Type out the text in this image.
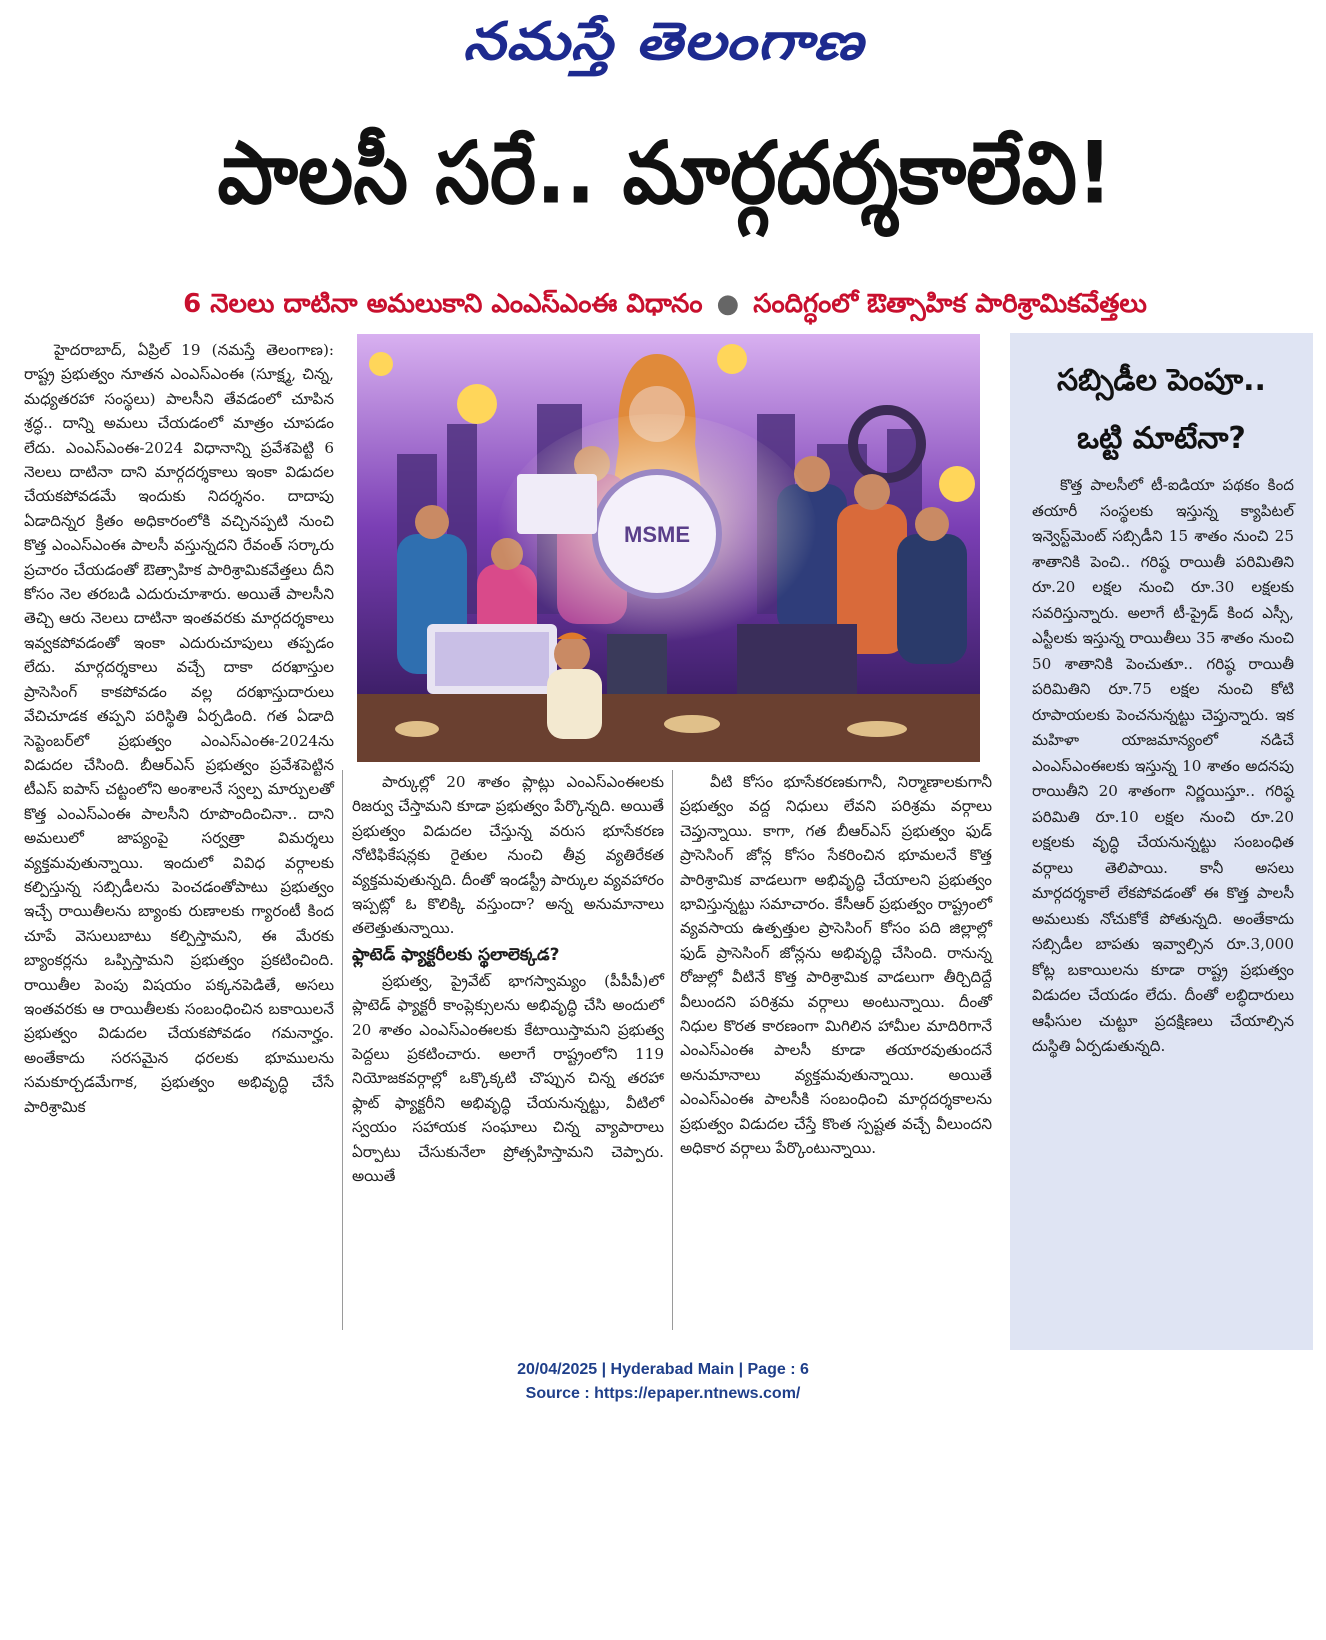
నమస్తే తెలంగాణ
పాలసీ సరే.. మార్గదర్శకాలేవి!
6 నెలలు దాటినా అమలుకాని ఎంఎస్ఎంఈ విధానం ● సందిగ్ధంలో ఔత్సాహిక పారిశ్రామికవేత్తలు

హైదరాబాద్, ఏప్రిల్ 19 (నమస్తే తెలంగాణ): రాష్ట్ర ప్రభుత్వం నూతన ఎంఎస్ఎంఈ (సూక్ష్మ, చిన్న, మధ్యతరహా సంస్థలు) పాలసీని తేవడంలో చూపిన శ్రద్ధ.. దాన్ని అమలు చేయడంలో మాత్రం చూపడం లేదు. ఎంఎస్ఎంఈ-2024 విధానాన్ని ప్రవేశపెట్టి 6 నెలలు దాటినా దాని మార్గదర్శకాలు ఇంకా విడుదల చేయకపోవడమే ఇందుకు నిదర్శనం. దాదాపు ఏడాదిన్నర క్రితం అధికారంలోకి వచ్చినప్పటి నుంచి కొత్త ఎంఎస్ఎంఈ పాలసీ వస్తున్నదని రేవంత్ సర్కారు ప్రచారం చేయడంతో ఔత్సాహిక పారిశ్రామికవేత్తలు దీని కోసం నెల తరబడి ఎదురుచూశారు. అయితే పాలసీని తెచ్చి ఆరు నెలలు దాటినా ఇంతవరకు మార్గదర్శకాలు ఇవ్వకపోవడంతో ఇంకా ఎదురుచూపులు తప్పడం లేదు. మార్గదర్శకాలు వచ్చే దాకా దరఖాస్తుల ప్రాసెసింగ్ కాకపోవడం వల్ల దరఖాస్తుదారులు వేచిచూడక తప్పని పరిస్థితి ఏర్పడింది. గత ఏడాది సెప్టెంబర్‌లో ప్రభుత్వం ఎంఎస్ఎంఈ-2024ను విడుదల చేసింది. బీఆర్ఎస్ ప్రభుత్వం ప్రవేశపెట్టిన టీఎస్ ఐపాస్ చట్టంలోని అంశాలనే స్వల్ప మార్పులతో కొత్త ఎంఎస్ఎంఈ పాలసీని రూపొందించినా.. దాని అమలులో జాప్యంపై సర్వత్రా విమర్శలు వ్యక్తమవుతున్నాయి. ఇందులో వివిధ వర్గాలకు కల్పిస్తున్న సబ్సిడీలను పెంచడంతోపాటు ప్రభుత్వం ఇచ్చే రాయితీలను బ్యాంకు రుణాలకు గ్యారంటీ కింద చూపే వెసులుబాటు కల్పిస్తామని, ఈ మేరకు బ్యాంకర్లను ఒప్పిస్తామని ప్రభుత్వం ప్రకటించింది. రాయితీల పెంపు విషయం పక్కనపెడితే, అసలు ఇంతవరకు ఆ రాయితీలకు సంబంధించిన బకాయిలనే ప్రభుత్వం విడుదల చేయకపోవడం గమనార్హం. అంతేకాదు సరసమైన ధరలకు భూములను సమకూర్చడమేగాక, ప్రభుత్వం అభివృద్ధి చేసే పారిశ్రామిక

MSME

పార్కుల్లో 20 శాతం ప్లాట్లు ఎంఎస్ఎంఈలకు రిజర్వు చేస్తామని కూడా ప్రభుత్వం పేర్కొన్నది. అయితే ప్రభుత్వం విడుదల చేస్తున్న వరుస భూసేకరణ నోటిఫికేషన్లకు రైతుల నుంచి తీవ్ర వ్యతిరేకత వ్యక్తమవుతున్నది. దీంతో ఇండస్ట్రీ పార్కుల వ్యవహారం ఇప్పట్లో ఓ కొలిక్కి వస్తుందా? అన్న అనుమానాలు తలెత్తుతున్నాయి.

ఫ్లాటెడ్ ఫ్యాక్టరీలకు స్థలాలెక్కడ?

ప్రభుత్వ, ప్రైవేట్ భాగస్వామ్యం (పీపీపీ)లో ప్లాటెడ్ ఫ్యాక్టరీ కాంప్లెక్సులను అభివృద్ధి చేసి అందులో 20 శాతం ఎంఎస్ఎంఈలకు కేటాయిస్తామని ప్రభుత్వ పెద్దలు ప్రకటించారు. అలాగే రాష్ట్రంలోని 119 నియోజకవర్గాల్లో ఒక్కొక్కటి చొప్పున చిన్న తరహా ఫ్లాట్ ఫ్యాక్టరీని అభివృద్ధి చేయనున్నట్టు, వీటిలో స్వయం సహాయక సంఘాలు చిన్న వ్యాపారాలు ఏర్పాటు చేసుకునేలా ప్రోత్సహిస్తామని చెప్పారు. అయితే

వీటి కోసం భూసేకరణకుగానీ, నిర్మాణాలకుగానీ ప్రభుత్వం వద్ద నిధులు లేవని పరిశ్రమ వర్గాలు చెప్తున్నాయి. కాగా, గత బీఆర్ఎస్ ప్రభుత్వం ఫుడ్ ప్రాసెసింగ్ జోన్ల కోసం సేకరించిన భూమలనే కొత్త పారిశ్రామిక వాడలుగా అభివృద్ధి చేయాలని ప్రభుత్వం భావిస్తున్నట్టు సమాచారం. కేసీఆర్ ప్రభుత్వం రాష్ట్రంలో వ్యవసాయ ఉత్పత్తుల ప్రాసెసింగ్ కోసం పది జిల్లాల్లో ఫుడ్ ప్రాసెసింగ్ జోన్లను అభివృద్ధి చేసింది. రానున్న రోజుల్లో వీటినే కొత్త పారిశ్రామిక వాడలుగా తీర్చిదిద్దే వీలుందని పరిశ్రమ వర్గాలు అంటున్నాయి. దీంతో నిధుల కొరత కారణంగా మిగిలిన హామీల మాదిరిగానే ఎంఎస్ఎంఈ పాలసీ కూడా తయారవుతుందనే అనుమానాలు వ్యక్తమవుతున్నాయి. అయితే ఎంఎస్ఎంఈ పాలసీకి సంబంధించి మార్గదర్శకాలను ప్రభుత్వం విడుదల చేస్తే కొంత స్పష్టత వచ్చే వీలుందని అధికార వర్గాలు పేర్కొంటున్నాయి.

సబ్సిడీల పెంపూ..
ఒట్టి మాటేనా?

కొత్త పాలసీలో టీ-ఐడియా పథకం కింద తయారీ సంస్థలకు ఇస్తున్న క్యాపిటల్ ఇన్వెస్ట్‌మెంట్ సబ్సిడీని 15 శాతం నుంచి 25 శాతానికి పెంచి.. గరిష్ఠ రాయితీ పరిమితిని రూ.20 లక్షల నుంచి రూ.30 లక్షలకు సవరిస్తున్నారు. అలాగే టీ-ప్రైడ్ కింద ఎస్సీ, ఎస్టీలకు ఇస్తున్న రాయితీలు 35 శాతం నుంచి 50 శాతానికి పెంచుతూ.. గరిష్ఠ రాయితీ పరిమితిని రూ.75 లక్షల నుంచి కోటి రూపాయలకు పెంచనున్నట్టు చెప్తున్నారు. ఇక మహిళా యాజమాన్యంలో నడిచే ఎంఎస్ఎంఈలకు ఇస్తున్న 10 శాతం అదనపు రాయితీని 20 శాతంగా నిర్ణయిస్తూ.. గరిష్ఠ పరిమితి రూ.10 లక్షల నుంచి రూ.20 లక్షలకు వృద్ధి చేయనున్నట్టు సంబంధిత వర్గాలు తెలిపాయి. కానీ అసలు మార్గదర్శకాలే లేకపోవడంతో ఈ కొత్త పాలసీ అమలుకు నోచుకోకే పోతున్నది. అంతేకాదు సబ్సిడీల బాపతు ఇవ్వాల్సిన రూ.3,000 కోట్ల బకాయిలను కూడా రాష్ట్ర ప్రభుత్వం విడుదల చేయడం లేదు. దీంతో లబ్ధిదారులు ఆఫీసుల చుట్టూ ప్రదక్షిణలు చేయాల్సిన దుస్థితి ఏర్పడుతున్నది.

20/04/2025 | Hyderabad Main | Page : 6
Source : https://epaper.ntnews.com/
